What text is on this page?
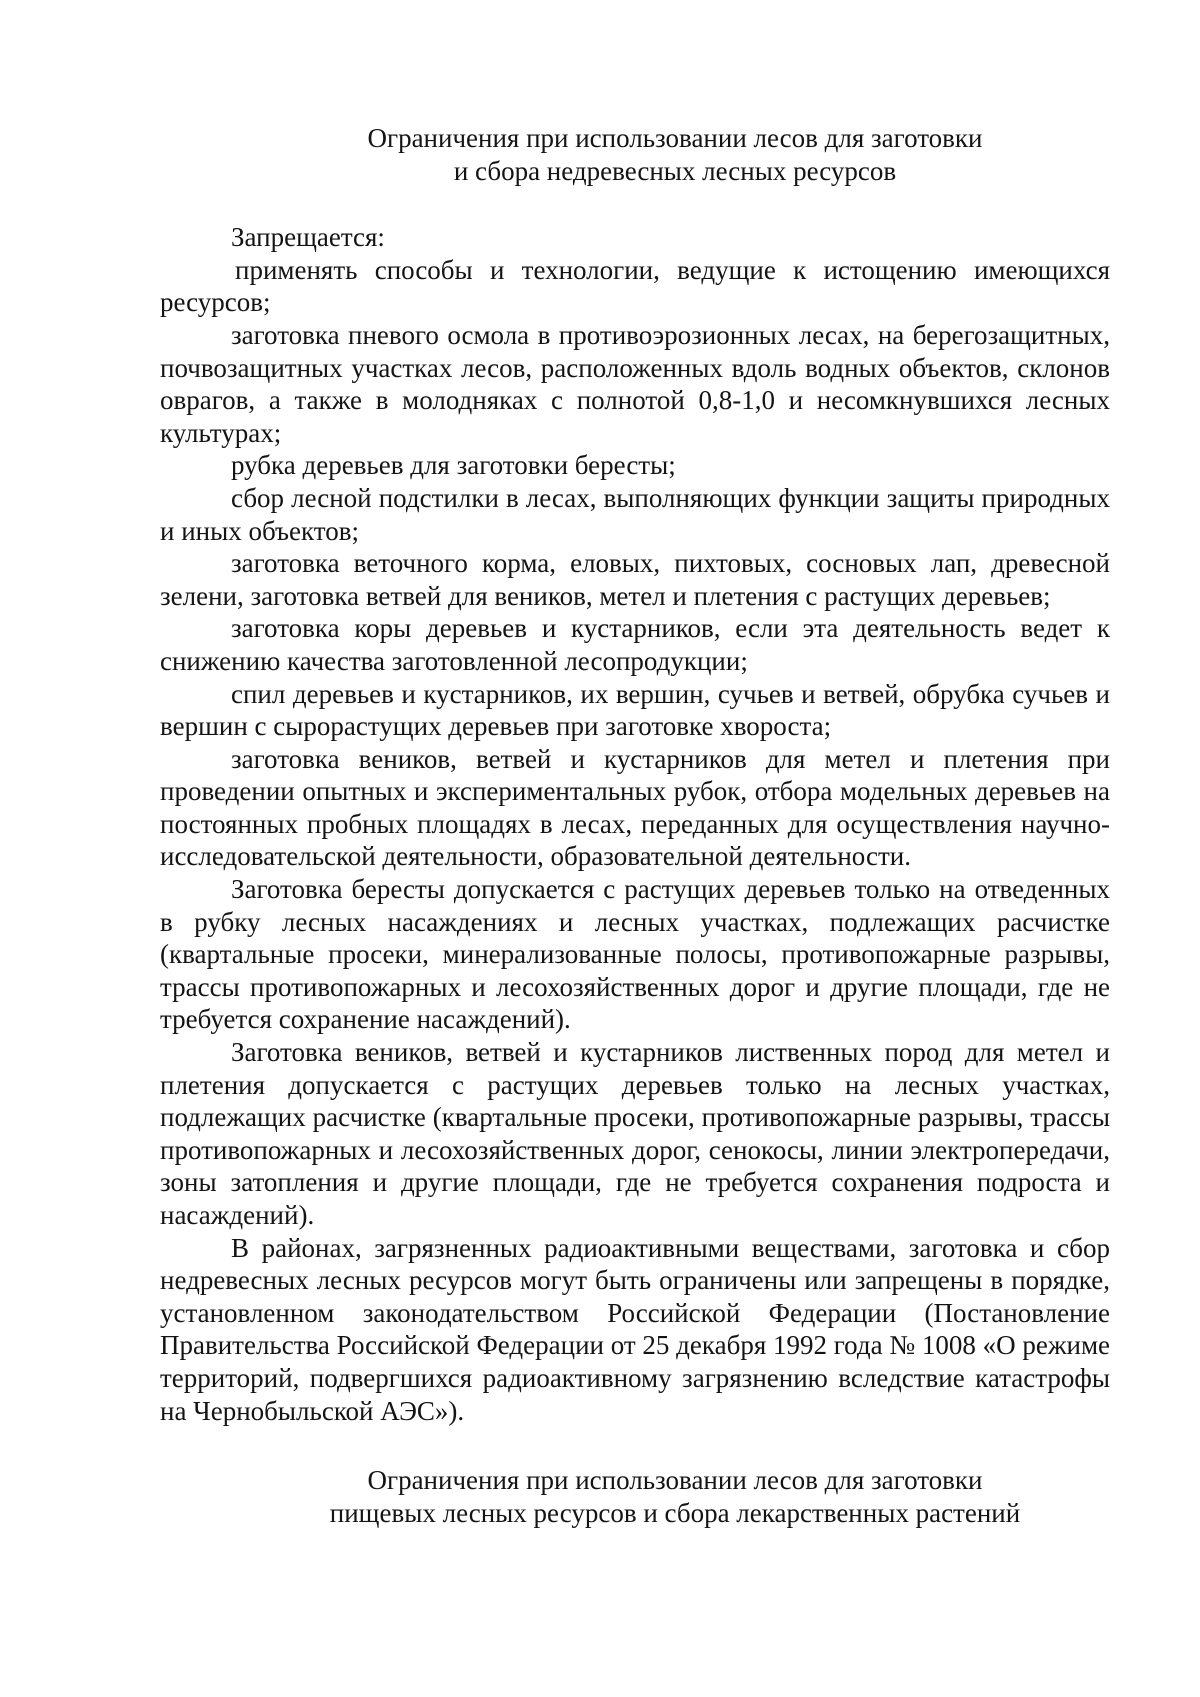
Ограничения при использовании лесов для заготовки
и сбора недревесных лесных ресурсов

Запрещается:

применять способы и технологии, ведущие к истощению имеющихся ресурсов;

заготовка пневого осмола в противоэрозионных лесах, на берегозащитных, почвозащитных участках лесов, расположенных вдоль водных объектов, склонов оврагов, а также в молодняках с полнотой 0,8-1,0 и несомкнувшихся лесных культурах;

рубка деревьев для заготовки бересты;

сбор лесной подстилки в лесах, выполняющих функции защиты природных и иных объектов;

заготовка веточного корма, еловых, пихтовых, сосновых лап, древесной зелени, заготовка ветвей для веников, метел и плетения с растущих деревьев;

заготовка коры деревьев и кустарников, если эта деятельность ведет к снижению качества заготовленной лесопродукции;

спил деревьев и кустарников, их вершин, сучьев и ветвей, обрубка сучьев и вершин с сырорастущих деревьев при заготовке хвороста;

заготовка веников, ветвей и кустарников для метел и плетения при проведении опытных и экспериментальных рубок, отбора модельных деревьев на постоянных пробных площадях в лесах, переданных для осуществления научно-исследовательской деятельности, образовательной деятельности.

Заготовка бересты допускается с растущих деревьев только на отведенных в рубку лесных насаждениях и лесных участках, подлежащих расчистке (квартальные просеки, минерализованные полосы, противопожарные разрывы, трассы противопожарных и лесохозяйственных дорог и другие площади, где не требуется сохранение насаждений).

Заготовка веников, ветвей и кустарников лиственных пород для метел и плетения допускается с растущих деревьев только на лесных участках, подлежащих расчистке (квартальные просеки, противопожарные разрывы, трассы противопожарных и лесохозяйственных дорог, сенокосы, линии электропередачи, зоны затопления и другие площади, где не требуется сохранения подроста и насаждений).

В районах, загрязненных радиоактивными веществами, заготовка и сбор недревесных лесных ресурсов могут быть ограничены или запрещены в порядке, установленном законодательством Российской Федерации (Постановление Правительства Российской Федерации от 25 декабря 1992 года № 1008 «О режиме территорий, подвергшихся радиоактивному загрязнению вследствие катастрофы на Чернобыльской АЭС»).

Ограничения при использовании лесов для заготовки
пищевых лесных ресурсов и сбора лекарственных растений
